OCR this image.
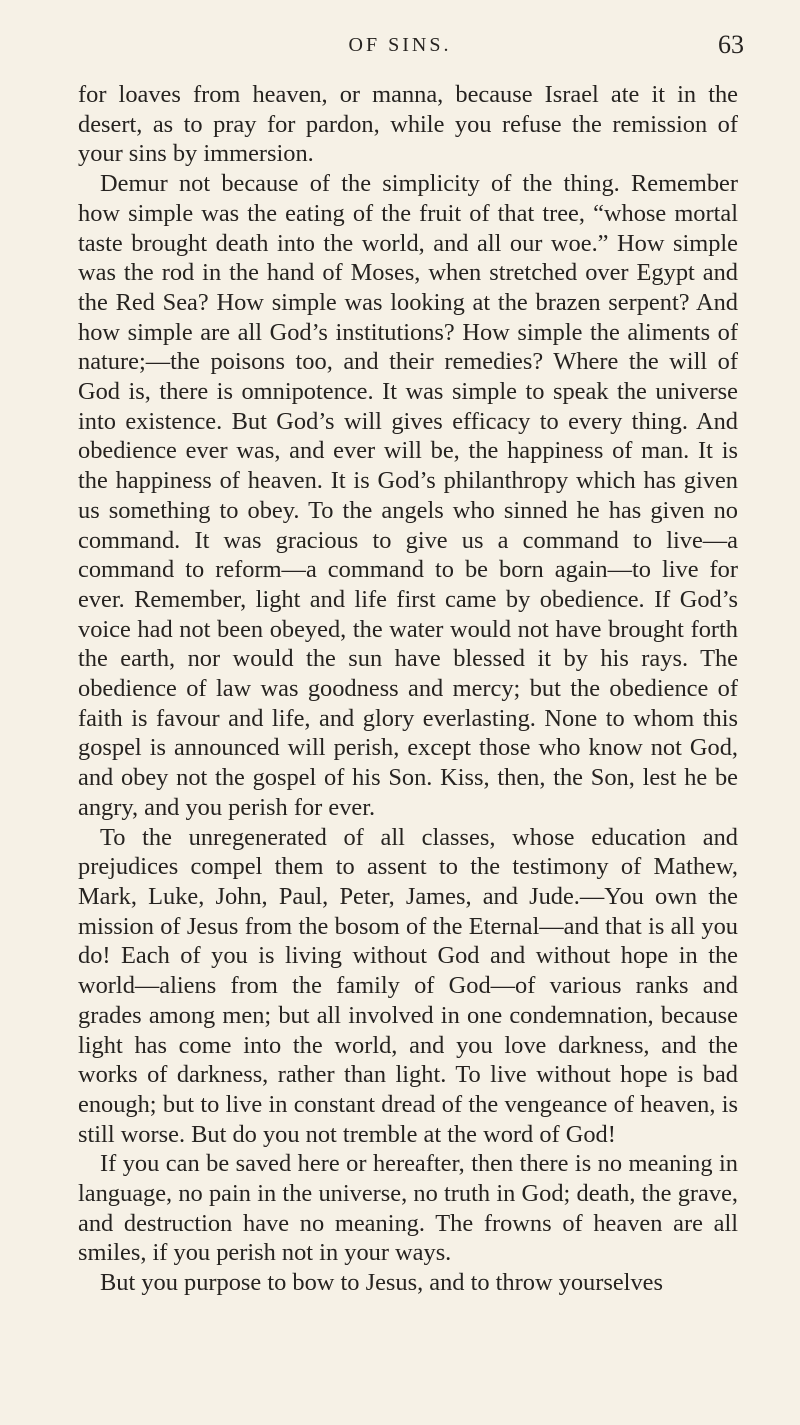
OF SINS.	63

for loaves from heaven, or manna, because Israel ate it in the desert, as to pray for pardon, while you refuse the remission of your sins by immersion.

Demur not because of the simplicity of the thing. Remember how simple was the eating of the fruit of that tree, “whose mortal taste brought death into the world, and all our woe.” How simple was the rod in the hand of Moses, when stretched over Egypt and the Red Sea? How simple was looking at the brazen serpent? And how simple are all God’s institutions? How simple the aliments of nature;—the poisons too, and their remedies? Where the will of God is, there is omnipotence. It was simple to speak the universe into existence. But God’s will gives efficacy to every thing. And obedience ever was, and ever will be, the happiness of man. It is the happiness of heaven. It is God’s philanthropy which has given us something to obey. To the angels who sinned he has given no command. It was gracious to give us a command to live—a command to reform—a command to be born again—to live for ever. Remember, light and life first came by obedience. If God’s voice had not been obeyed, the water would not have brought forth the earth, nor would the sun have blessed it by his rays. The obedience of law was goodness and mercy; but the obedience of faith is favour and life, and glory everlasting. None to whom this gospel is announced will perish, except those who know not God, and obey not the gospel of his Son. Kiss, then, the Son, lest he be angry, and you perish for ever.

To the unregenerated of all classes, whose education and prejudices compel them to assent to the testimony of Mathew, Mark, Luke, John, Paul, Peter, James, and Jude.—You own the mission of Jesus from the bosom of the Eternal—and that is all you do! Each of you is living without God and without hope in the world—aliens from the family of God—of various ranks and grades among men; but all involved in one condemnation, because light has come into the world, and you love darkness, and the works of darkness, rather than light. To live without hope is bad enough; but to live in constant dread of the vengeance of heaven, is still worse. But do you not tremble at the word of God!

If you can be saved here or hereafter, then there is no meaning in language, no pain in the universe, no truth in God; death, the grave, and destruction have no meaning. The frowns of heaven are all smiles, if you perish not in your ways.

But you purpose to bow to Jesus, and to throw yourselves
